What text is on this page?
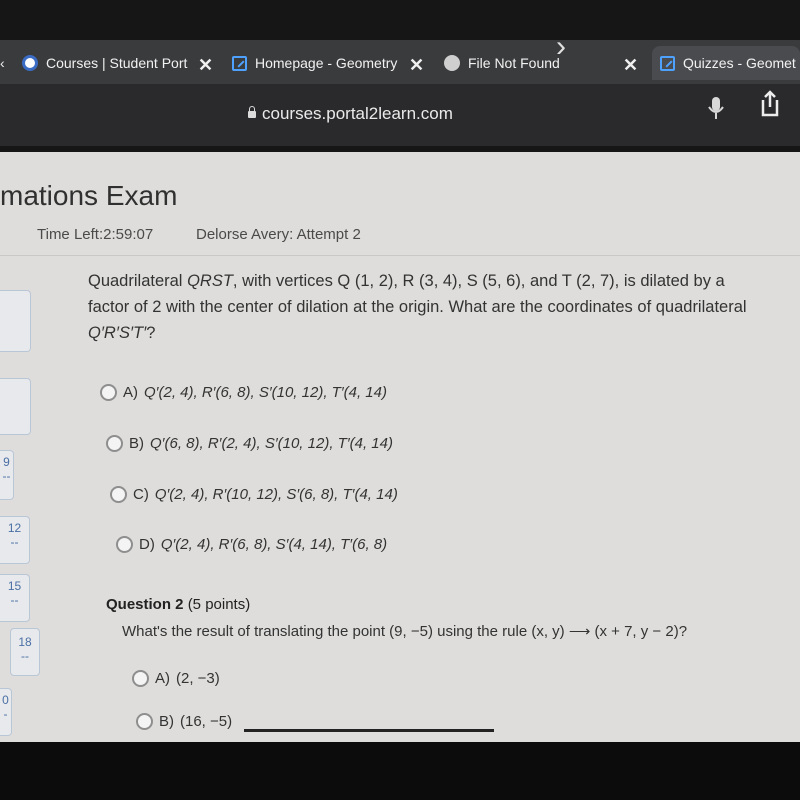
‹	Courses | Student Port ✕	Homepage - Geometry ✕	File Not Found
›
✕	Quizzes - Geomet
courses.portal2learn.com
mations Exam
Time Left:2:59:07	Delorse Avery: Attempt 2
9
--
12
--
15
--
18
--
0
-
Quadrilateral QRST, with vertices Q (1, 2), R (3, 4), S (5, 6), and T (2, 7), is dilated by a factor of 2 with the center of dilation at the origin. What are the coordinates of quadrilateral Q′R′S′T′?
A) Q′(2, 4), R′(6, 8), S′(10, 12), T′(4, 14)
B) Q′(6, 8), R′(2, 4), S′(10, 12), T′(4, 14)
C) Q′(2, 4), R′(10, 12), S′(6, 8), T′(4, 14)
D) Q′(2, 4), R′(6, 8), S′(4, 14), T′(6, 8)
Question 2 (5 points)
What's the result of translating the point (9, −5) using the rule (x, y) ⟶ (x + 7, y − 2)?
A) (2, −3)
B) (16, −5)
